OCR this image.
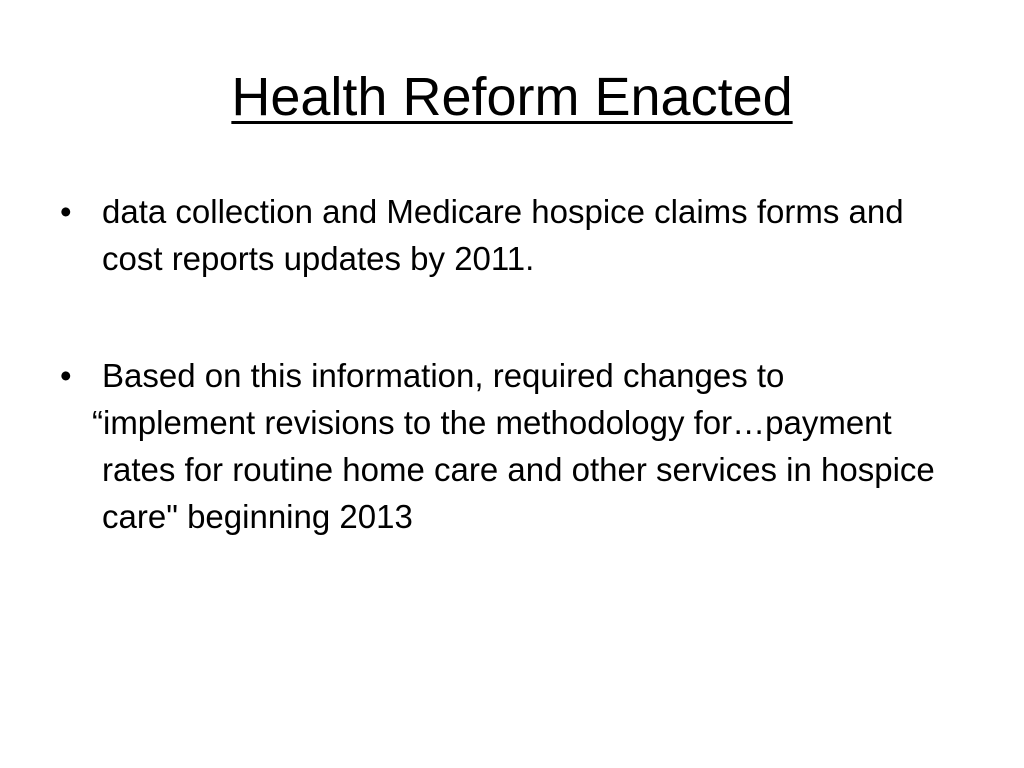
Health Reform Enacted
• data collection and Medicare hospice claims forms and cost reports updates by 2011.
• Based on this information, required changes to
“implement revisions to the methodology for…payment rates for routine home care and other services in hospice care" beginning 2013
